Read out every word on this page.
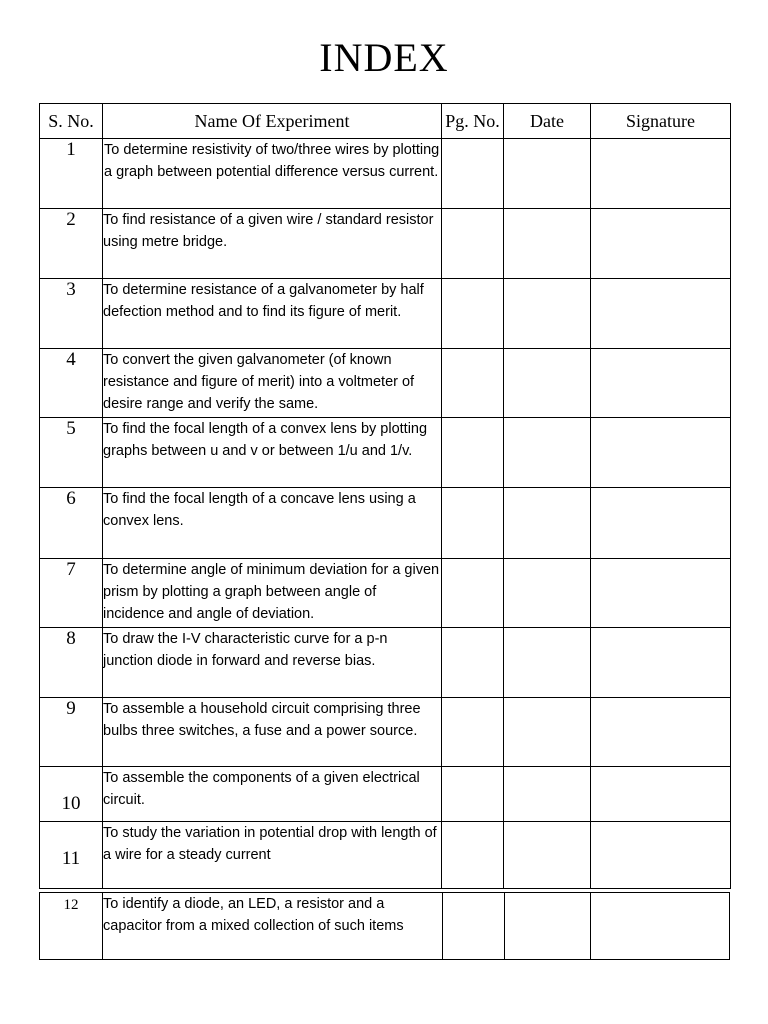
INDEX
S. No.	Name Of Experiment	Pg. No.	Date	Signature
1	To determine resistivity of two/three wires by plotting a graph between potential difference versus current.			
2	To find resistance of a given wire / standard resistor using metre bridge.			
3	To determine resistance of a galvanometer by half defection method and to find its figure of merit.			
4	To convert the given galvanometer (of known resistance and figure of merit) into a voltmeter of desire range and verify the same.			
5	To find the focal length of a convex lens by plotting graphs between u and v or between 1/u and 1/v.			
6	To find the focal length of a concave lens using a convex lens.			
7	To determine angle of minimum deviation for a given prism by plotting a graph between angle of incidence and angle of deviation.			
8	To draw the I-V characteristic curve for a p-n junction diode in forward and reverse bias.			
9	To assemble a household circuit comprising three bulbs three switches, a fuse and a power source.			
10	To assemble the components of a given electrical circuit.			
11	To study the variation in potential drop with length of a wire for a steady current			
12	To identify a diode, an LED, a resistor and a capacitor from a mixed collection of such items			
